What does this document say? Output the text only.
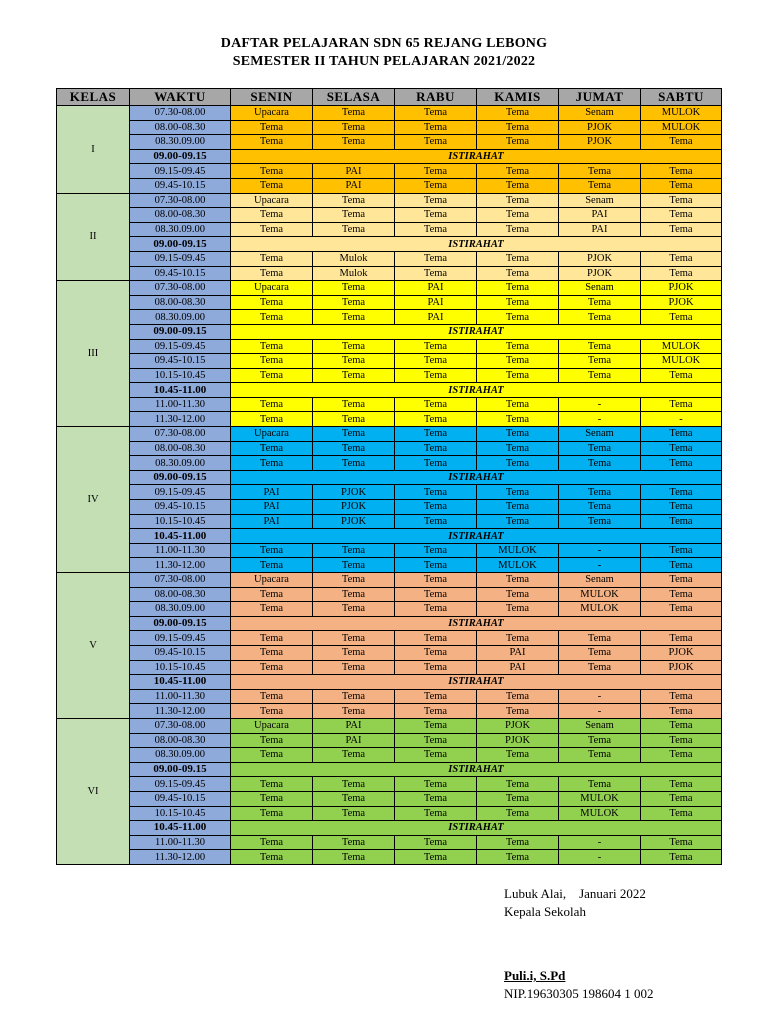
DAFTAR PELAJARAN SDN 65 REJANG LEBONG
SEMESTER II TAHUN PELAJARAN 2021/2022
KELAS	WAKTU	SENIN	SELASA	RABU	KAMIS	JUMAT	SABTU
I	07.30-08.00	Upacara	Tema	Tema	Tema	Senam	MULOK
	08.00-08.30	Tema	Tema	Tema	Tema	PJOK	MULOK
	08.30.09.00	Tema	Tema	Tema	Tema	PJOK	Tema
	09.00-09.15	ISTIRAHAT					
	09.15-09.45	Tema	PAI	Tema	Tema	Tema	Tema
	09.45-10.15	Tema	PAI	Tema	Tema	Tema	Tema
II	07.30-08.00	Upacara	Tema	Tema	Tema	Senam	Tema
	08.00-08.30	Tema	Tema	Tema	Tema	PAI	Tema
	08.30.09.00	Tema	Tema	Tema	Tema	PAI	Tema
	09.00-09.15	ISTIRAHAT					
	09.15-09.45	Tema	Mulok	Tema	Tema	PJOK	Tema
	09.45-10.15	Tema	Mulok	Tema	Tema	PJOK	Tema
III	07.30-08.00	Upacara	Tema	PAI	Tema	Senam	PJOK
	08.00-08.30	Tema	Tema	PAI	Tema	Tema	PJOK
	08.30.09.00	Tema	Tema	PAI	Tema	Tema	Tema
	09.00-09.15	ISTIRAHAT					
	09.15-09.45	Tema	Tema	Tema	Tema	Tema	MULOK
	09.45-10.15	Tema	Tema	Tema	Tema	Tema	MULOK
	10.15-10.45	Tema	Tema	Tema	Tema	Tema	Tema
	10.45-11.00	ISTIRAHAT					
	11.00-11.30	Tema	Tema	Tema	Tema	-	Tema
	11.30-12.00	Tema	Tema	Tema	Tema	-	-
IV	07.30-08.00	Upacara	Tema	Tema	Tema	Senam	Tema
	08.00-08.30	Tema	Tema	Tema	Tema	Tema	Tema
	08.30.09.00	Tema	Tema	Tema	Tema	Tema	Tema
	09.00-09.15	ISTIRAHAT					
	09.15-09.45	PAI	PJOK	Tema	Tema	Tema	Tema
	09.45-10.15	PAI	PJOK	Tema	Tema	Tema	Tema
	10.15-10.45	PAI	PJOK	Tema	Tema	Tema	Tema
	10.45-11.00	ISTIRAHAT					
	11.00-11.30	Tema	Tema	Tema	MULOK	-	Tema
	11.30-12.00	Tema	Tema	Tema	MULOK	-	Tema
V	07.30-08.00	Upacara	Tema	Tema	Tema	Senam	Tema
	08.00-08.30	Tema	Tema	Tema	Tema	MULOK	Tema
	08.30.09.00	Tema	Tema	Tema	Tema	MULOK	Tema
	09.00-09.15	ISTIRAHAT					
	09.15-09.45	Tema	Tema	Tema	Tema	Tema	Tema
	09.45-10.15	Tema	Tema	Tema	PAI	Tema	PJOK
	10.15-10.45	Tema	Tema	Tema	PAI	Tema	PJOK
	10.45-11.00	ISTIRAHAT					
	11.00-11.30	Tema	Tema	Tema	Tema	-	Tema
	11.30-12.00	Tema	Tema	Tema	Tema	-	Tema
VI	07.30-08.00	Upacara	PAI	Tema	PJOK	Senam	Tema
	08.00-08.30	Tema	PAI	Tema	PJOK	Tema	Tema
	08.30.09.00	Tema	Tema	Tema	Tema	Tema	Tema
	09.00-09.15	ISTIRAHAT					
	09.15-09.45	Tema	Tema	Tema	Tema	Tema	Tema
	09.45-10.15	Tema	Tema	Tema	Tema	MULOK	Tema
	10.15-10.45	Tema	Tema	Tema	Tema	MULOK	Tema
	10.45-11.00	ISTIRAHAT					
	11.00-11.30	Tema	Tema	Tema	Tema	-	Tema
	11.30-12.00	Tema	Tema	Tema	Tema	-	Tema
Lubuk Alai,    Januari 2022
Kepala Sekolah
Puli.i, S.Pd
NIP.19630305 198604 1 002
